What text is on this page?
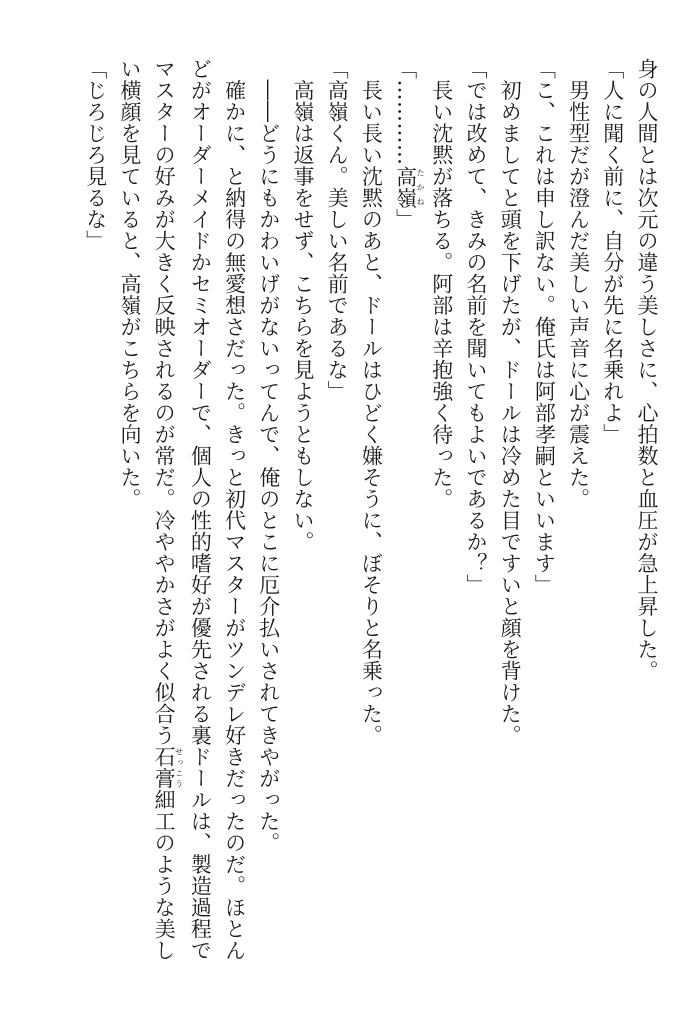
身の人間とは次元の違う美しさに、心拍数と血圧が急上昇した。
「人に聞く前に、自分が先に名乗れよ」
　男性型だが澄んだ美しい声音に心が震えた。
「こ、これは申し訳ない。俺氏は阿部孝嗣といいます」
　初めましてと頭を下げたが、ドールは冷めた目ですいと顔を背けた。
「では改めて、きみの名前を聞いてもよいであるか？」
　長い沈黙が落ちる。阿部は辛抱強く待った。
「…………高嶺たかね」
　長い長い沈黙のあと、ドールはひどく嫌そうに、ぼそりと名乗った。
「高嶺くん。美しい名前であるな」
　高嶺は返事をせず、こちらを見ようともしない。
　――どうにもかわいげがないってんで、俺のとこに厄介払いされてきやがった。
　確かに、と納得の無愛想さだった。きっと初代マスターがツンデレ好きだったのだ。ほとん
どがオーダーメイドかセミオーダーで、個人の性的嗜好が優先される裏ドールは、製造過程で
マスターの好みが大きく反映されるのが常だ。冷ややかさがよく似合う石膏せっこう細工のような美し
い横顔を見ていると、高嶺がこちらを向いた。
「じろじろ見るな」
